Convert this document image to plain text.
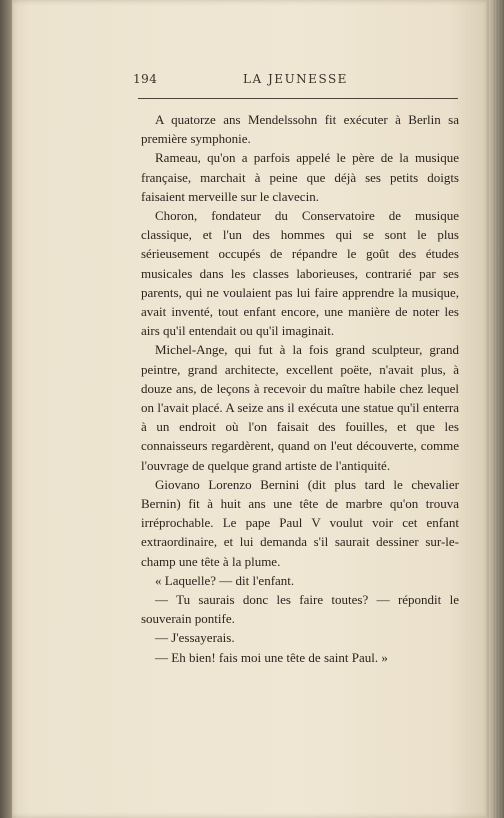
194	LA JEUNESSE

A quatorze ans Mendelssohn fit exécuter à Berlin sa première symphonie.

Rameau, qu'on a parfois appelé le père de la musique française, marchait à peine que déjà ses petits doigts faisaient merveille sur le clavecin.

Choron, fondateur du Conservatoire de musique classique, et l'un des hommes qui se sont le plus sérieusement occupés de répandre le goût des études musicales dans les classes laborieuses, contrarié par ses parents, qui ne voulaient pas lui faire apprendre la musique, avait inventé, tout enfant encore, une manière de noter les airs qu'il entendait ou qu'il imaginait.

Michel-Ange, qui fut à la fois grand sculpteur, grand peintre, grand architecte, excellent poëte, n'avait plus, à douze ans, de leçons à recevoir du maître habile chez lequel on l'avait placé. A seize ans il exécuta une statue qu'il enterra à un endroit où l'on faisait des fouilles, et que les connaisseurs regardèrent, quand on l'eut découverte, comme l'ouvrage de quelque grand artiste de l'antiquité.

Giovano Lorenzo Bernini (dit plus tard le chevalier Bernin) fit à huit ans une tête de marbre qu'on trouva irréprochable. Le pape Paul V voulut voir cet enfant extraordinaire, et lui demanda s'il saurait dessiner sur-le-champ une tête à la plume.

« Laquelle? — dit l'enfant.

— Tu saurais donc les faire toutes? — répondit le souverain pontife.

— J'essayerais.

— Eh bien! fais moi une tête de saint Paul. »
